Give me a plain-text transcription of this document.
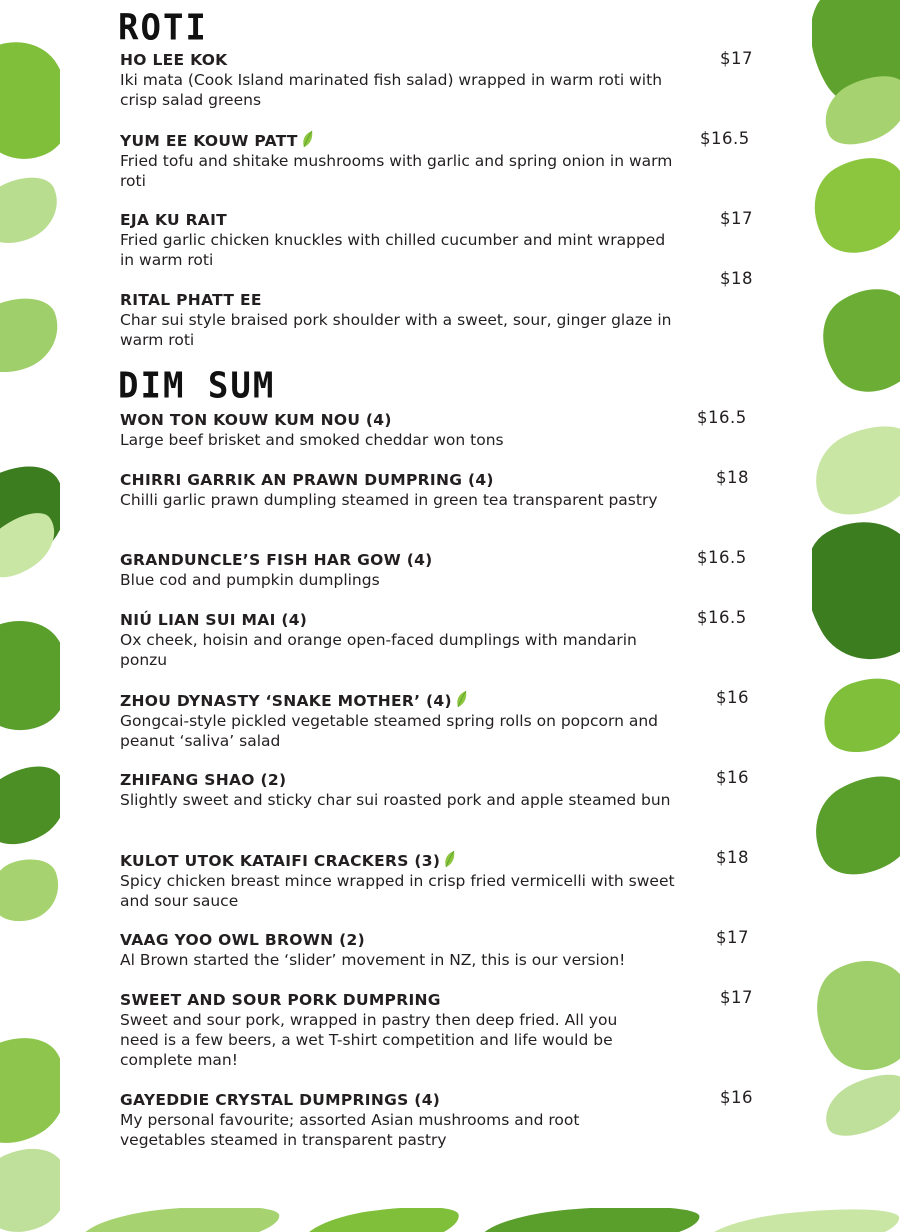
ROTI
HO LEE KOK
Iki mata (Cook Island marinated fish salad) wrapped in warm roti with crisp salad greens
$17
YUM EE KOUW PATT
Fried tofu and shitake mushrooms with garlic and spring onion in warm roti
$16.5
EJA KU RAIT
Fried garlic chicken knuckles with chilled cucumber and mint wrapped in warm roti
$17
RITAL PHATT EE
Char sui style braised pork shoulder with a sweet, sour, ginger glaze in warm roti
$18
DIM SUM
WON TON KOUW KUM NOU (4)
Large beef brisket and smoked cheddar won tons
$16.5
CHIRRI GARRIK AN PRAWN DUMPRING (4)
Chilli garlic prawn dumpling steamed in green tea transparent pastry
$18
GRANDUNCLE’S FISH HAR GOW (4)
Blue cod and pumpkin dumplings
$16.5
NIÚ LIAN SUI MAI (4)
Ox cheek, hoisin and orange open-faced dumplings with mandarin ponzu
$16.5
ZHOU DYNASTY ‘SNAKE MOTHER’ (4)
Gongcai-style pickled vegetable steamed spring rolls on popcorn and peanut ‘saliva’ salad
$16
ZHIFANG SHAO (2)
Slightly sweet and sticky char sui roasted pork and apple steamed bun
$16
KULOT UTOK KATAIFI CRACKERS (3)
Spicy chicken breast mince wrapped in crisp fried vermicelli with sweet and sour sauce
$18
VAAG YOO OWL BROWN (2)
Al Brown started the ‘slider’ movement in NZ, this is our version!
$17
SWEET AND SOUR PORK DUMPRING
Sweet and sour pork, wrapped in pastry then deep fried. All you need is a few beers, a wet T-shirt competition and life would be complete man!
$17
GAYEDDIE CRYSTAL DUMPRINGS (4)
My personal favourite; assorted Asian mushrooms and root vegetables steamed in transparent pastry
$16
